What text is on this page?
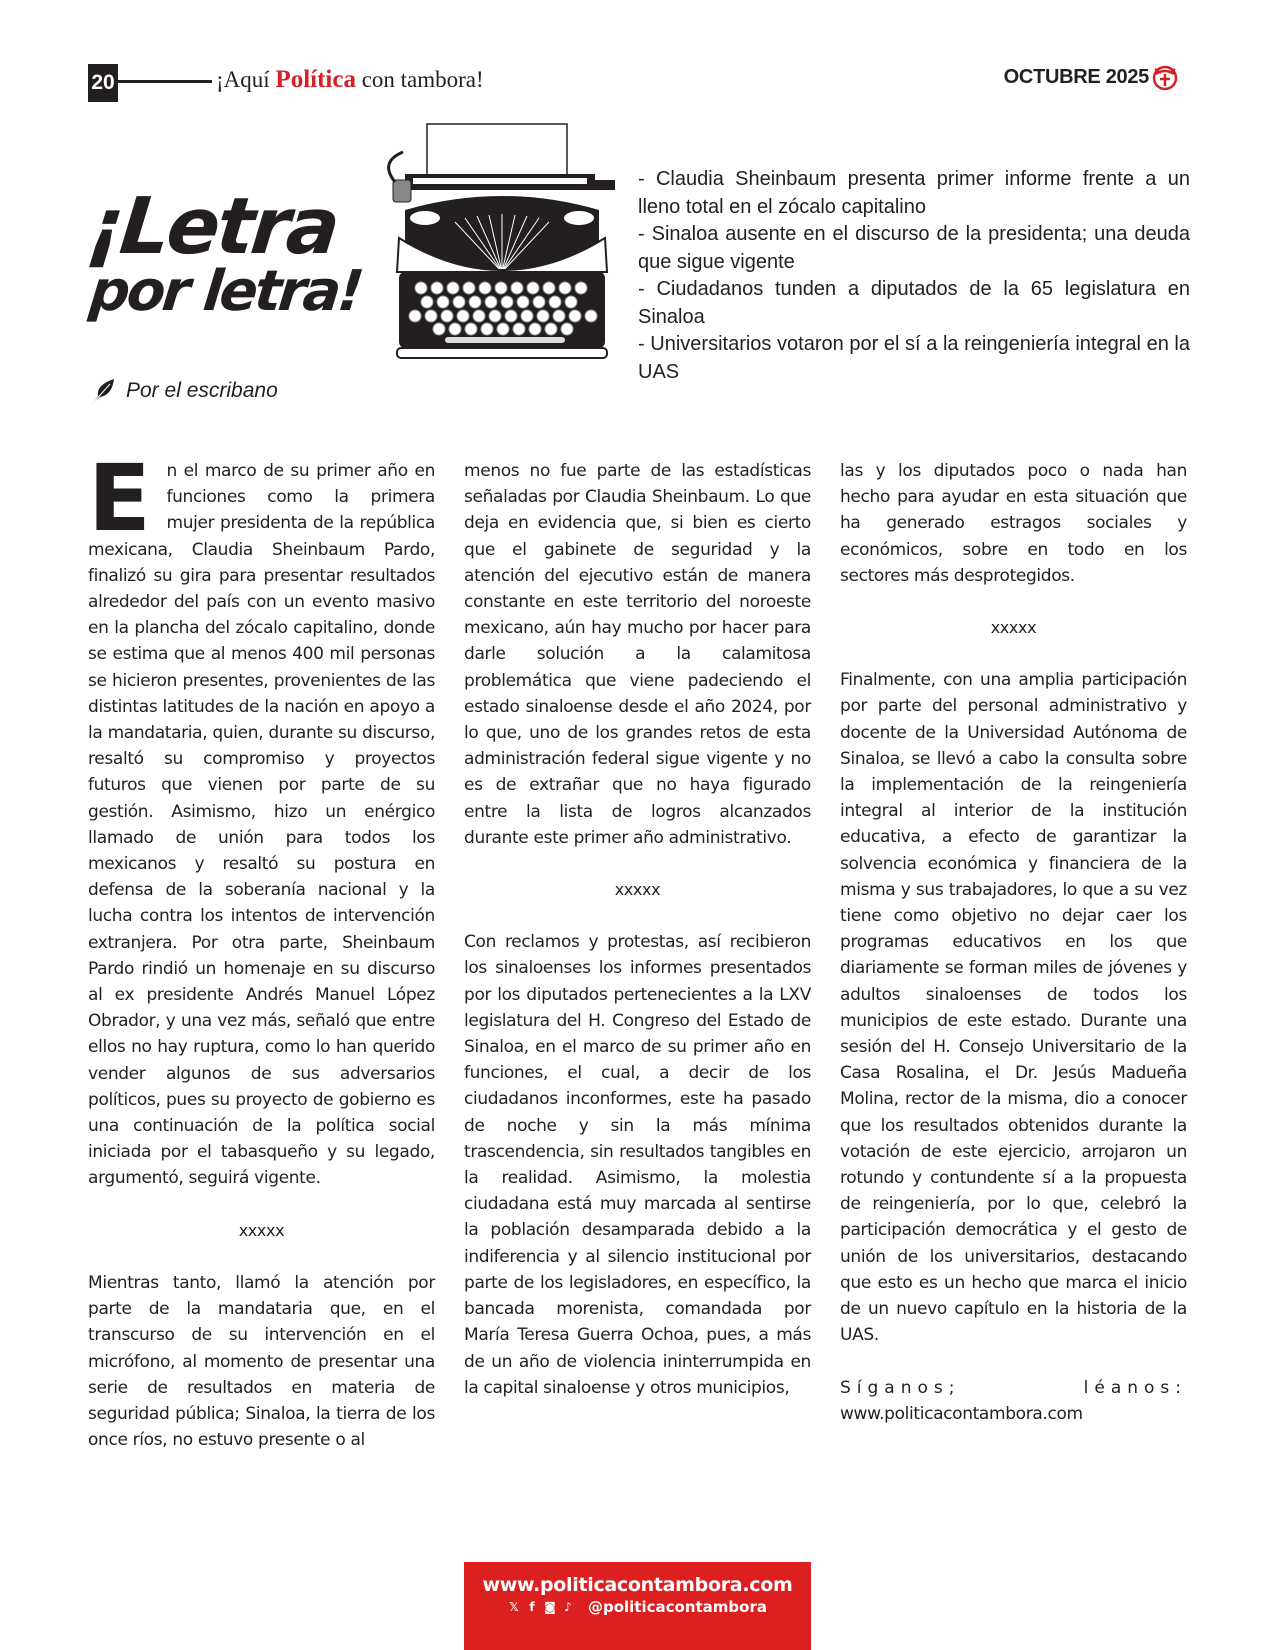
20	¡Aquí Política con tambora!	OCTUBRE 2025
¡Letra
por letra!
Por el escribano

- Claudia Sheinbaum presenta primer informe frente a un lleno total en el zócalo capitalino

- Sinaloa ausente en el discurso de la presidenta; una deuda que sigue vigente

- Ciudadanos tunden a diputados de la 65 legislatura en Sinaloa

- Universitarios votaron por el sí a la reingeniería integral en la UAS

E n el marco de su primer año en funciones como la primera mujer presidenta de la república mexicana, Claudia Sheinbaum Pardo, finalizó su gira para presentar resultados alrededor del país con un evento masivo en la plancha del zócalo capitalino, donde se estima que al menos 400 mil personas se hicieron presentes, provenientes de las distintas latitudes de la nación en apoyo a la mandataria, quien, durante su discurso, resaltó su compromiso y proyectos futuros que vienen por parte de su gestión. Asimismo, hizo un enérgico llamado de unión para todos los mexicanos y resaltó su postura en defensa de la soberanía nacional y la lucha contra los intentos de intervención extranjera. Por otra parte, Sheinbaum Pardo rindió un homenaje en su discurso al ex presidente Andrés Manuel López Obrador, y una vez más, señaló que entre ellos no hay ruptura, como lo han querido vender algunos de sus adversarios políticos, pues su proyecto de gobierno es una continuación de la política social iniciada por el tabasqueño y su legado, argumentó, seguirá vigente.

xxxxx

Mientras tanto, llamó la atención por parte de la mandataria que, en el transcurso de su intervención en el micrófono, al momento de presentar una serie de resultados en materia de seguridad pública; Sinaloa, la tierra de los once ríos, no estuvo presente o al

menos no fue parte de las estadísticas señaladas por Claudia Sheinbaum. Lo que deja en evidencia que, si bien es cierto que el gabinete de seguridad y la atención del ejecutivo están de manera constante en este territorio del noroeste mexicano, aún hay mucho por hacer para darle solución a la calamitosa problemática que viene padeciendo el estado sinaloense desde el año 2024, por lo que, uno de los grandes retos de esta administración federal sigue vigente y no es de extrañar que no haya figurado entre la lista de logros alcanzados durante este primer año administrativo.

xxxxx

Con reclamos y protestas, así recibieron los sinaloenses los informes presentados por los diputados pertenecientes a la LXV legislatura del H. Congreso del Estado de Sinaloa, en el marco de su primer año en funciones, el cual, a decir de los ciudadanos inconformes, este ha pasado de noche y sin la más mínima trascendencia, sin resultados tangibles en la realidad. Asimismo, la molestia ciudadana está muy marcada al sentirse la población desamparada debido a la indiferencia y al silencio institucional por parte de los legisladores, en específico, la bancada morenista, comandada por María Teresa Guerra Ochoa, pues, a más de un año de violencia ininterrumpida en la capital sinaloense y otros municipios,

las y los diputados poco o nada han hecho para ayudar en esta situación que ha generado estragos sociales y económicos, sobre en todo en los sectores más desprotegidos.

xxxxx

Finalmente, con una amplia participación por parte del personal administrativo y docente de la Universidad Autónoma de Sinaloa, se llevó a cabo la consulta sobre la implementación de la reingeniería integral al interior de la institución educativa, a efecto de garantizar la solvencia económica y financiera de la misma y sus trabajadores, lo que a su vez tiene como objetivo no dejar caer los programas educativos en los que diariamente se forman miles de jóvenes y adultos sinaloenses de todos los municipios de este estado. Durante una sesión del H. Consejo Universitario de la Casa Rosalina, el Dr. Jesús Madueña Molina, rector de la misma, dio a conocer que los resultados obtenidos durante la votación de este ejercicio, arrojaron un rotundo y contundente sí a la propuesta de reingeniería, por lo que, celebró la participación democrática y el gesto de unión de los universitarios, destacando que esto es un hecho que marca el inicio de un nuevo capítulo en la historia de la UAS.

Síganos;	léanos:
www.politicacontambora.com
www.politicacontambora.com
𝕏 f ◙ ♪ @politicacontambora
